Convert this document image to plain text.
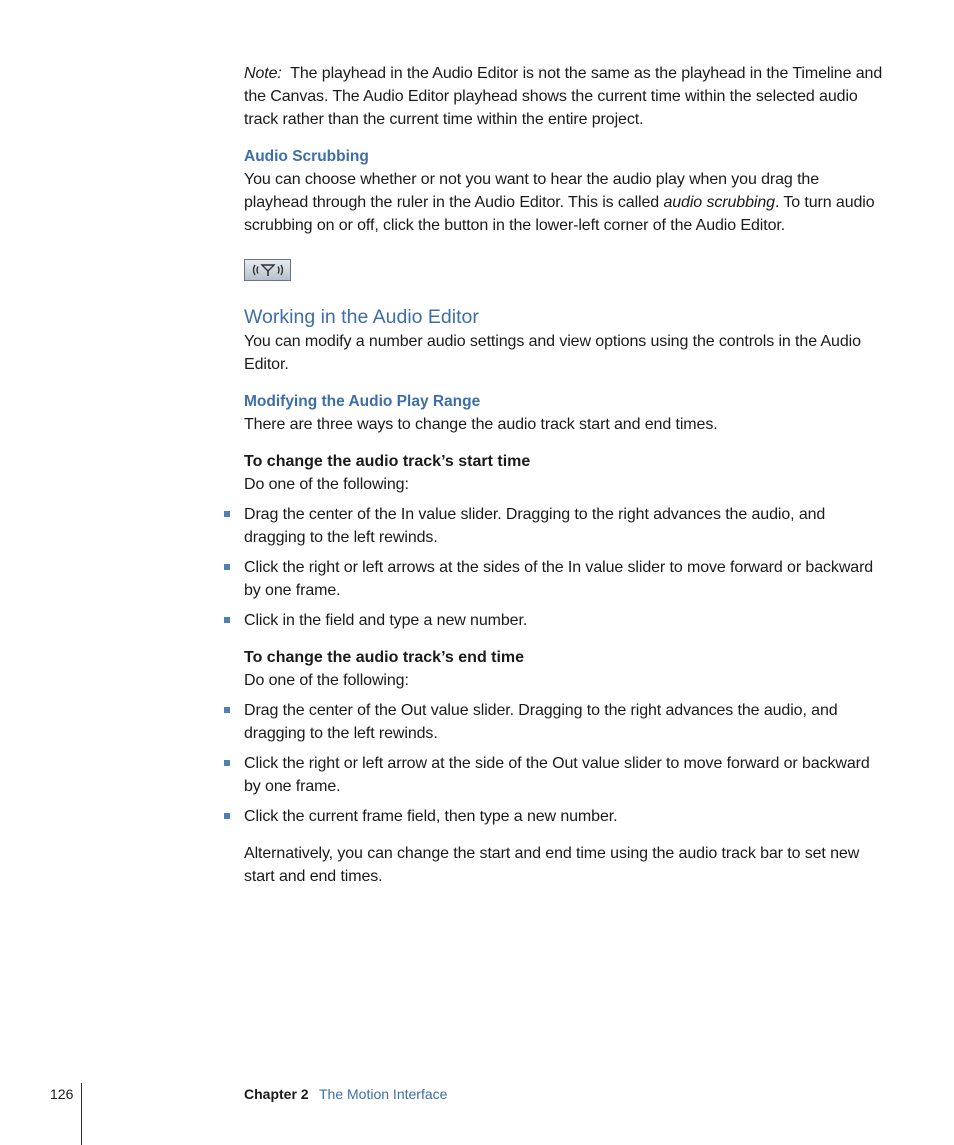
Note: The playhead in the Audio Editor is not the same as the playhead in the Timeline and the Canvas. The Audio Editor playhead shows the current time within the selected audio track rather than the current time within the entire project.

Audio Scrubbing

You can choose whether or not you want to hear the audio play when you drag the playhead through the ruler in the Audio Editor. This is called audio scrubbing. To turn audio scrubbing on or off, click the button in the lower-left corner of the Audio Editor.

Working in the Audio Editor

You can modify a number audio settings and view options using the controls in the Audio Editor.

Modifying the Audio Play Range

There are three ways to change the audio track start and end times.

To change the audio track’s start time

Do one of the following:

Drag the center of the In value slider. Dragging to the right advances the audio, and dragging to the left rewinds.
Click the right or left arrows at the sides of the In value slider to move forward or backward by one frame.
Click in the field and type a new number.

To change the audio track’s end time

Do one of the following:

Drag the center of the Out value slider. Dragging to the right advances the audio, and dragging to the left rewinds.
Click the right or left arrow at the side of the Out value slider to move forward or backward by one frame.
Click the current frame field, then type a new number.

Alternatively, you can change the start and end time using the audio track bar to set new start and end times.

126	Chapter 2 The Motion Interface
